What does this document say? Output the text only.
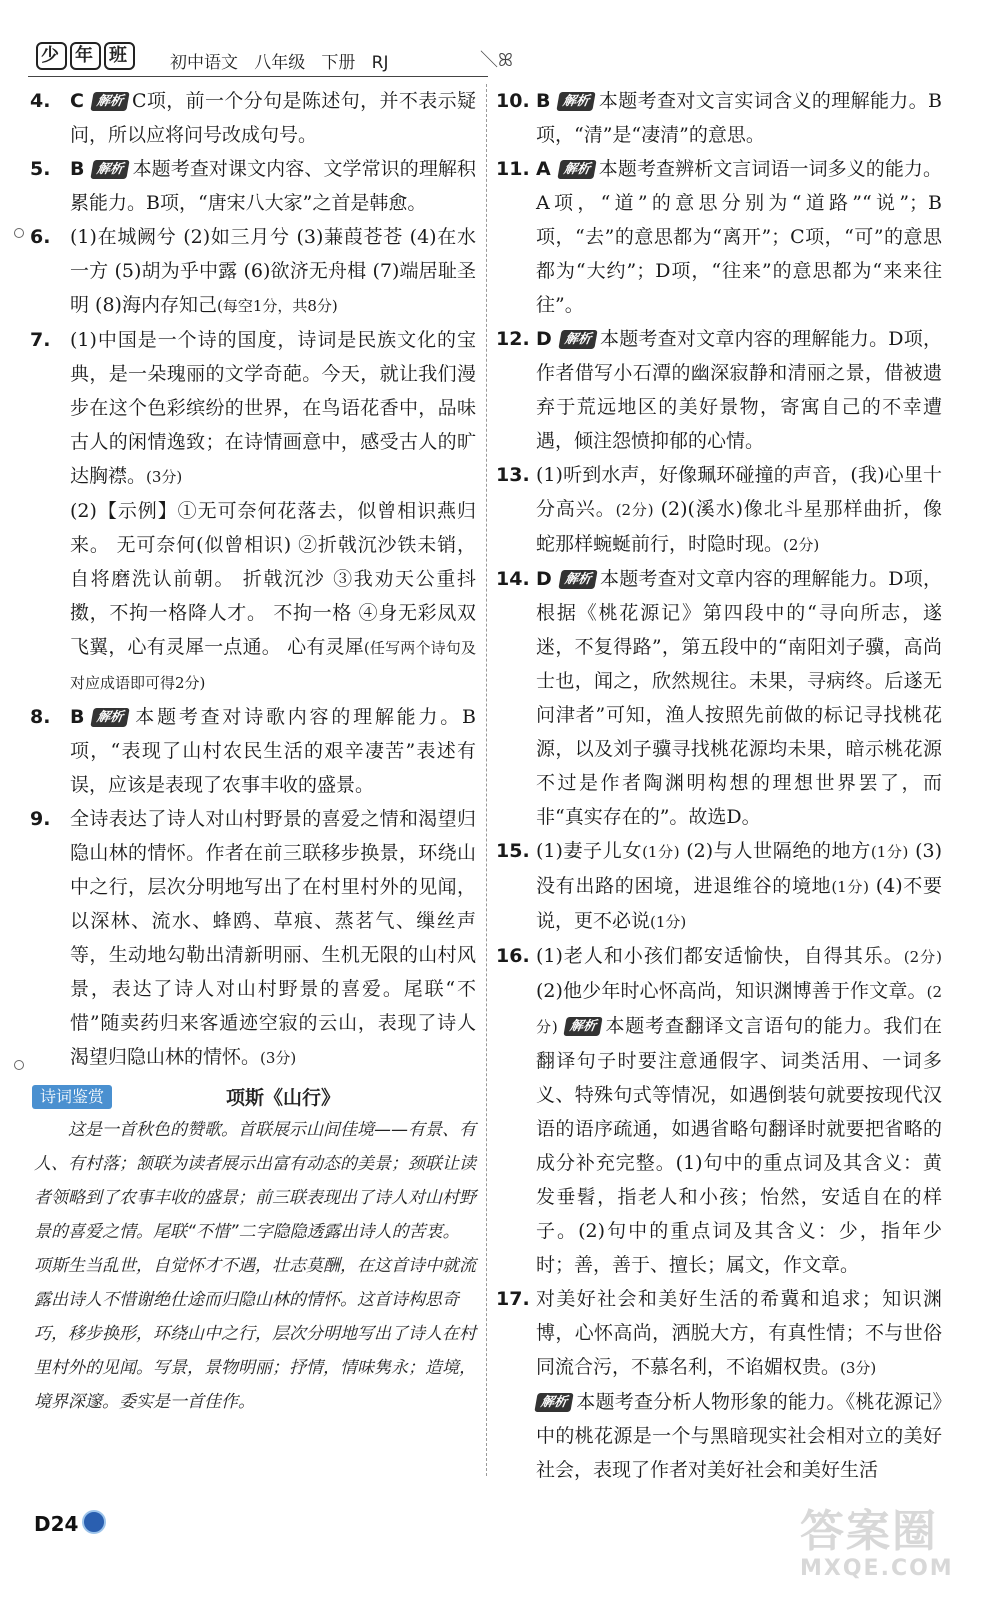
少 年 班	初中语文   八年级   下册   RJ	＼ꕤ

4. C 解析 C项，前一个分句是陈述句，并不表示疑问，所以应将问号改成句号。

5. B 解析 本题考查对课文内容、文学常识的理解积累能力。B项，“唐宋八大家”之首是韩愈。

6. (1)在城阙兮 (2)如三月兮 (3)蒹葭苍苍 (4)在水一方 (5)胡为乎中露 (6)欲济无舟楫 (7)端居耻圣明 (8)海内存知己(每空1分，共8分)

7. (1)中国是一个诗的国度，诗词是民族文化的宝典，是一朵瑰丽的文学奇葩。今天，就让我们漫步在这个色彩缤纷的世界，在鸟语花香中，品味古人的闲情逸致；在诗情画意中，感受古人的旷达胸襟。(3分)
(2)【示例】①无可奈何花落去，似曾相识燕归来。 无可奈何(似曾相识) ②折戟沉沙铁未销，自将磨洗认前朝。 折戟沉沙 ③我劝天公重抖擞，不拘一格降人才。 不拘一格 ④身无彩凤双飞翼，心有灵犀一点通。 心有灵犀(任写两个诗句及对应成语即可得2分)

8. B 解析 本题考查对诗歌内容的理解能力。B项，“表现了山村农民生活的艰辛凄苦”表述有误，应该是表现了农事丰收的盛景。

9. 全诗表达了诗人对山村野景的喜爱之情和渴望归隐山林的情怀。作者在前三联移步换景，环绕山中之行，层次分明地写出了在村里村外的见闻，以深林、流水、蜂鸥、草痕、蒸茗气、缫丝声等，生动地勾勒出清新明丽、生机无限的山村风景，表达了诗人对山村野景的喜爱。尾联“不惜”随卖药归来客遁迹空寂的云山，表现了诗人渴望归隐山林的情怀。(3分)

诗词鉴赏	项斯《山行》

这是一首秋色的赞歌。首联展示山间佳境——有景、有人、有村落；颔联为读者展示出富有动态的美景；颈联让读者领略到了农事丰收的盛景；前三联表现出了诗人对山村野景的喜爱之情。尾联“不惜”二字隐隐透露出诗人的苦衷。项斯生当乱世，自觉怀才不遇，壮志莫酬，在这首诗中就流露出诗人不惜谢绝仕途而归隐山林的情怀。这首诗构思奇巧，移步换形，环绕山中之行，层次分明地写出了诗人在村里村外的见闻。写景，景物明丽；抒情，情味隽永；造境，境界深邃。委实是一首佳作。

10. B 解析 本题考查对文言实词含义的理解能力。B项，“清”是“凄清”的意思。

11. A 解析 本题考查辨析文言词语一词多义的能力。A项，“道”的意思分别为“道路”“说”；B项，“去”的意思都为“离开”；C项，“可”的意思都为“大约”；D项，“往来”的意思都为“来来往往”。

12. D 解析 本题考查对文章内容的理解能力。D项，作者借写小石潭的幽深寂静和清丽之景，借被遗弃于荒远地区的美好景物，寄寓自己的不幸遭遇，倾注怨愤抑郁的心情。

13. (1)听到水声，好像珮环碰撞的声音，(我)心里十分高兴。(2分) (2)(溪水)像北斗星那样曲折，像蛇那样蜿蜒前行，时隐时现。(2分)

14. D 解析 本题考查对文章内容的理解能力。D项，根据《桃花源记》第四段中的“寻向所志，遂迷，不复得路”，第五段中的“南阳刘子骥，高尚士也，闻之，欣然规往。未果，寻病终。后遂无问津者”可知，渔人按照先前做的标记寻找桃花源，以及刘子骥寻找桃花源均未果，暗示桃花源不过是作者陶渊明构想的理想世界罢了，而非“真实存在的”。故选D。

15. (1)妻子儿女(1分) (2)与人世隔绝的地方(1分) (3)没有出路的困境，进退维谷的境地(1分) (4)不要说，更不必说(1分)

16. (1)老人和小孩们都安适愉快，自得其乐。(2分) (2)他少年时心怀高尚，知识渊博善于作文章。(2分) 解析 本题考查翻译文言语句的能力。我们在翻译句子时要注意通假字、词类活用、一词多义、特殊句式等情况，如遇倒装句就要按现代汉语的语序疏通，如遇省略句翻译时就要把省略的成分补充完整。(1)句中的重点词及其含义：黄发垂髫，指老人和小孩；怡然，安适自在的样子。(2)句中的重点词及其含义：少，指年少时；善，善于、擅长；属文，作文章。

17. 对美好社会和美好生活的希冀和追求；知识渊博，心怀高尚，洒脱大方，有真性情；不与世俗同流合污，不慕名利，不谄媚权贵。(3分)
解析 本题考查分析人物形象的能力。《桃花源记》中的桃花源是一个与黑暗现实社会相对立的美好社会，表现了作者对美好社会和美好生活

D24	答案圈
MXQE.COM
